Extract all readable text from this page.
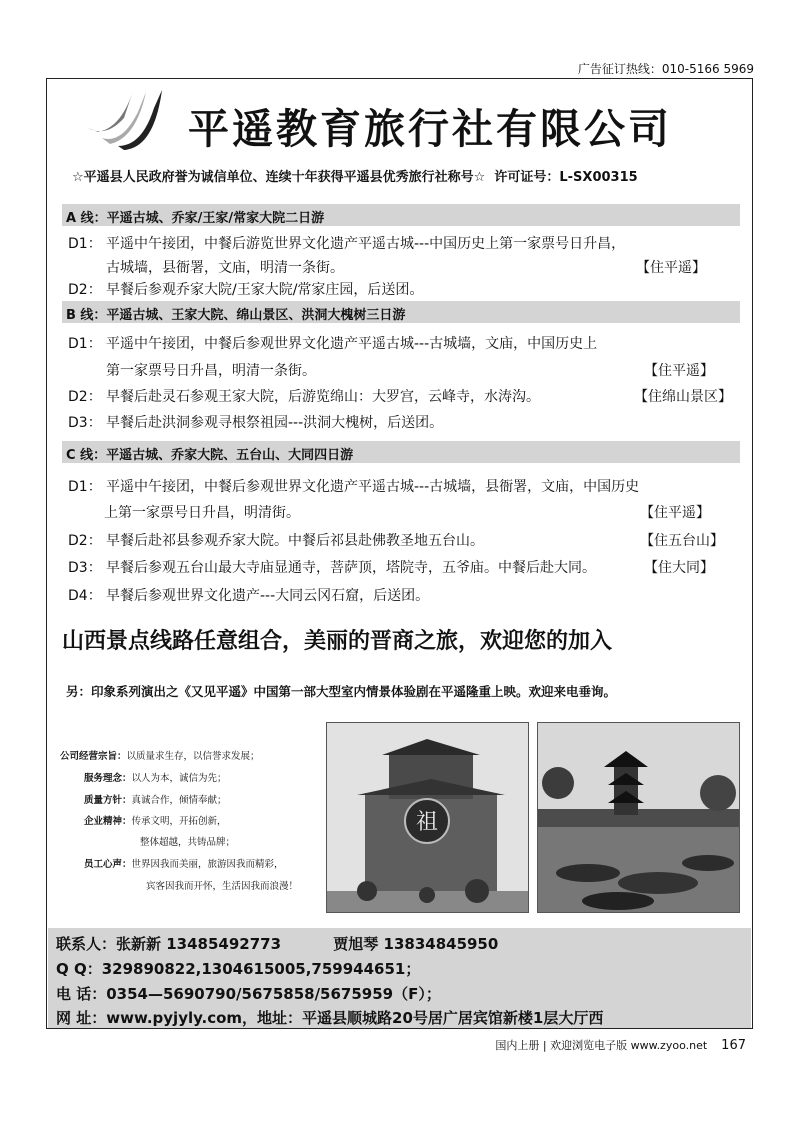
广告征订热线：010-5166 5969
平遥教育旅行社有限公司
☆平遥县人民政府誉为诚信单位、连续十年获得平遥县优秀旅行社称号☆ 许可证号：L-SX00315
A 线：平遥古城、乔家/王家/常家大院二日游
D1： 平遥中午接团，中餐后游览世界文化遗产平遥古城---中国历史上第一家票号日升昌，
古城墙，县衙署，文庙，明清一条街。	【住平遥】
D2： 早餐后参观乔家大院/王家大院/常家庄园，后送团。
B 线：平遥古城、王家大院、绵山景区、洪洞大槐树三日游
D1： 平遥中午接团，中餐后参观世界文化遗产平遥古城---古城墙，文庙，中国历史上
第一家票号日升昌，明清一条街。	【住平遥】
D2： 早餐后赴灵石参观王家大院，后游览绵山：大罗宫，云峰寺，水涛沟。	【住绵山景区】
D3： 早餐后赴洪洞参观寻根祭祖园---洪洞大槐树，后送团。
C 线：平遥古城、乔家大院、五台山、大同四日游
D1： 平遥中午接团，中餐后参观世界文化遗产平遥古城---古城墙，县衙署，文庙，中国历史
上第一家票号日升昌，明清街。	【住平遥】
D2： 早餐后赴祁县参观乔家大院。中餐后祁县赴佛教圣地五台山。	【住五台山】
D3： 早餐后参观五台山最大寺庙显通寺，菩萨顶，塔院寺，五爷庙。中餐后赴大同。	【住大同】
D4： 早餐后参观世界文化遗产---大同云冈石窟，后送团。
山西景点线路任意组合，美丽的晋商之旅，欢迎您的加入
另：印象系列演出之《又见平遥》中国第一部大型室内情景体验剧在平遥隆重上映。欢迎来电垂询。
公司经营宗旨：以质量求生存，以信誉求发展；
服务理念：以人为本，诚信为先；
质量方针：真诚合作，倾情奉献；
企业精神：传承文明，开拓创新，
整体超越，共铸品牌；
员工心声：世界因我而美丽，旅游因我而精彩，
宾客因我而开怀，生活因我而浪漫！
祖
联系人：张新新 13485492773	贾旭琴 13834845950
Q Q：329890822,1304615005,759944651；
电 话：0354—5690790/5675858/5675959（F）；
网 址：www.pyjyly.com，地址：平遥县顺城路20号居广居宾馆新楼1层大厅西
国内上册 | 欢迎浏览电子版 www.zyoo.net 167
